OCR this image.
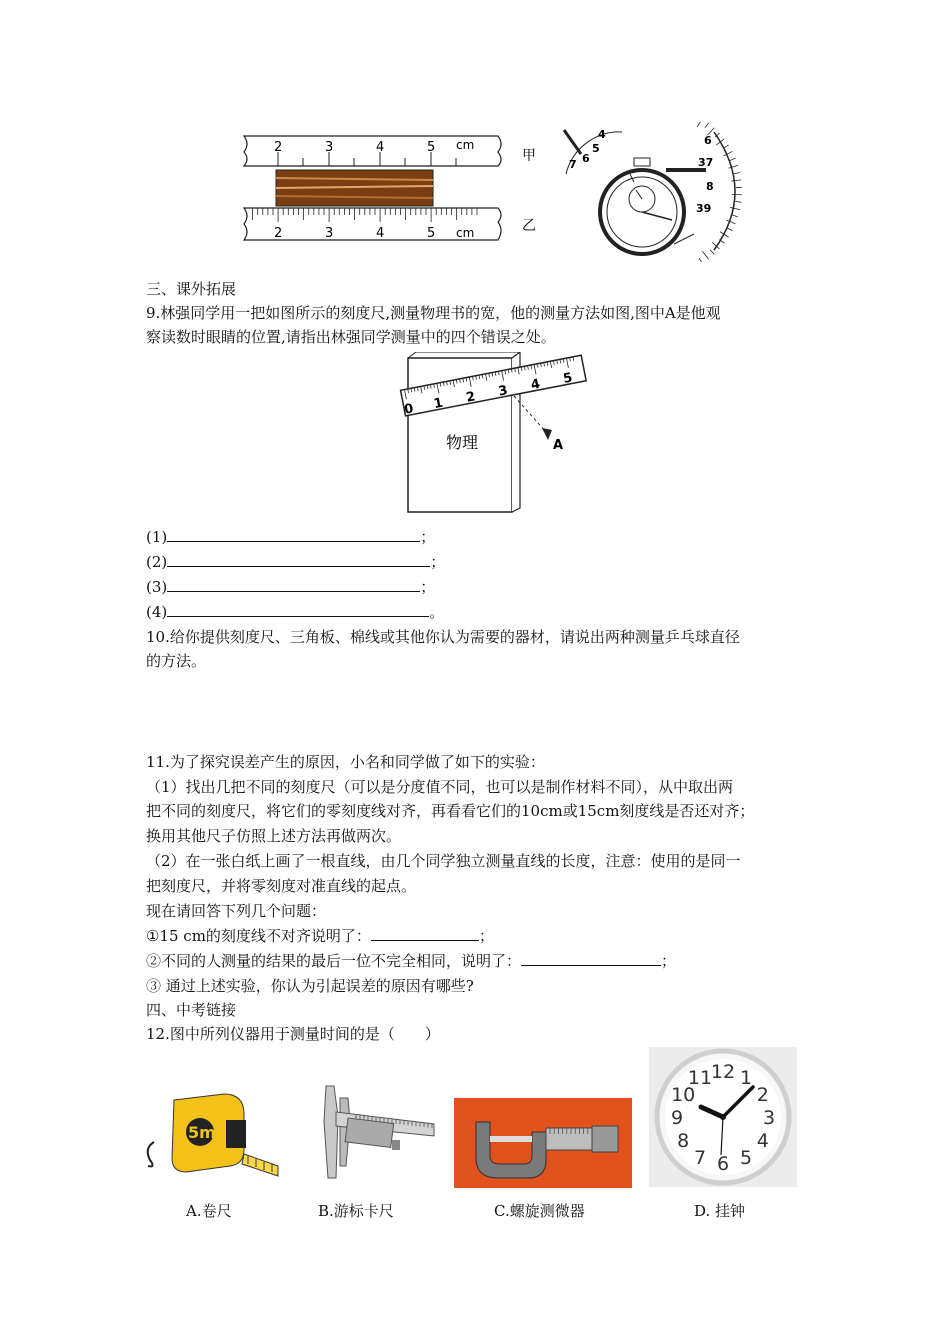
2	3	4	5 cm
2	3	4	5 cm
甲
乙
4
5
6
7
6
37
8
39
三、课外拓展
9.林强同学用一把如图所示的刻度尺,测量物理书的宽，他的测量方法如图,图中A是他观
察读数时眼睛的位置,请指出林强同学测量中的四个错误之处。
物理
0 1 2 3 4 5
A
(1)	；
(2)	；
(3)	；
(4)	。
10.给你提供刻度尺、三角板、棉线或其他你认为需要的器材，请说出两种测量乒乓球直径
的方法。
11.为了探究误差产生的原因，小名和同学做了如下的实验：
（1）找出几把不同的刻度尺（可以是分度值不同，也可以是制作材料不同），从中取出两
把不同的刻度尺，将它们的零刻度线对齐，再看看它们的10cm或15cm刻度线是否还对齐；
换用其他尺子仿照上述方法再做两次。
（2）在一张白纸上画了一根直线，由几个同学独立测量直线的长度，注意：使用的是同一
把刻度尺，并将零刻度对准直线的起点。
现在请回答下列几个问题：
①15 cm的刻度线不对齐说明了：	；
②不同的人测量的结果的最后一位不完全相同，说明了：	；
③ 通过上述实验，你认为引起误差的原因有哪些?
四、中考链接
12.图中所列仪器用于测量时间的是（　　）
5m
12 1
2
3
4
5
6
7
8
9
10
11
A.卷尺	B.游标卡尺	C.螺旋测微器	D. 挂钟
